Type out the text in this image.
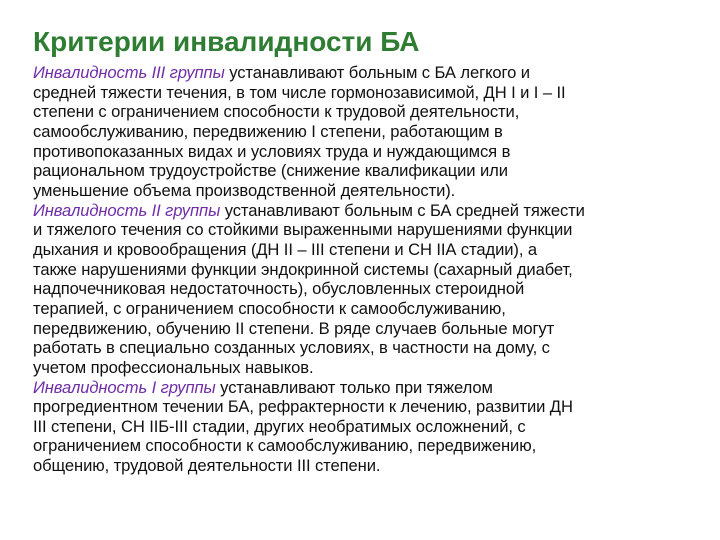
Критерии инвалидности БА

Инвалидность III группы устанавливают больным с БА легкого и
средней тяжести течения, в том числе гормонозависимой, ДН I и I – II
степени с ограничением способности к трудовой деятельности,
самообслуживанию, передвижению I степени, работающим в
противопоказанных видах и условиях труда и нуждающимся в
рациональном трудоустройстве (снижение квалификации или
уменьшение объема производственной деятельности).

Инвалидность II группы устанавливают больным с БА средней тяжести
и тяжелого течения со стойкими выраженными нарушениями функции
дыхания и кровообращения (ДН II – III степени и СН IIА стадии), а
также нарушениями функции эндокринной системы (сахарный диабет,
надпочечниковая недостаточность), обусловленных стероидной
терапией, с ограничением способности к самообслуживанию,
передвижению, обучению II степени. В ряде случаев больные могут
работать в специально созданных условиях, в частности на дому, с
учетом профессиональных навыков.

Инвалидность I группы устанавливают только при тяжелом
прогредиентном течении БА, рефрактерности к лечению, развитии ДН
III степени, СН IIБ-III стадии, других необратимых осложнений, с
ограничением способности к самообслуживанию, передвижению,
общению, трудовой деятельности III степени.
